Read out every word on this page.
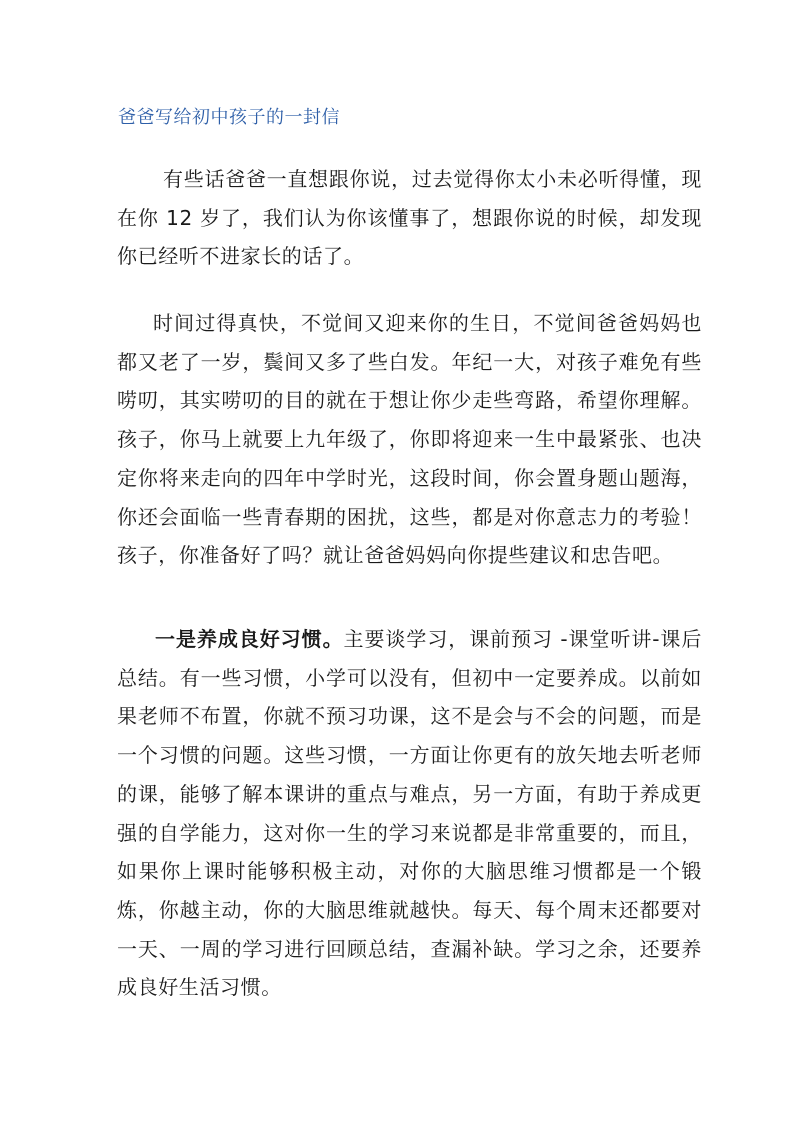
爸爸写给初中孩子的一封信

有些话爸爸一直想跟你说，过去觉得你太小未必听得懂，现在你 12 岁了，我们认为你该懂事了，想跟你说的时候，却发现你已经听不进家长的话了。

时间过得真快，不觉间又迎来你的生日，不觉间爸爸妈妈也都又老了一岁，鬓间又多了些白发。年纪一大，对孩子难免有些唠叨，其实唠叨的目的就在于想让你少走些弯路，希望你理解。孩子，你马上就要上九年级了，你即将迎来一生中最紧张、也决定你将来走向的四年中学时光，这段时间，你会置身题山题海，你还会面临一些青春期的困扰，这些，都是对你意志力的考验！孩子，你准备好了吗？就让爸爸妈妈向你提些建议和忠告吧。

一是养成良好习惯。主要谈学习，课前预习 -课堂听讲-课后总结。有一些习惯，小学可以没有，但初中一定要养成。以前如果老师不布置，你就不预习功课，这不是会与不会的问题，而是一个习惯的问题。这些习惯，一方面让你更有的放矢地去听老师的课，能够了解本课讲的重点与难点，另一方面，有助于养成更强的自学能力，这对你一生的学习来说都是非常重要的，而且，如果你上课时能够积极主动，对你的大脑思维习惯都是一个锻炼，你越主动，你的大脑思维就越快。每天、每个周末还都要对一天、一周的学习进行回顾总结，查漏补缺。学习之余，还要养成良好生活习惯。
